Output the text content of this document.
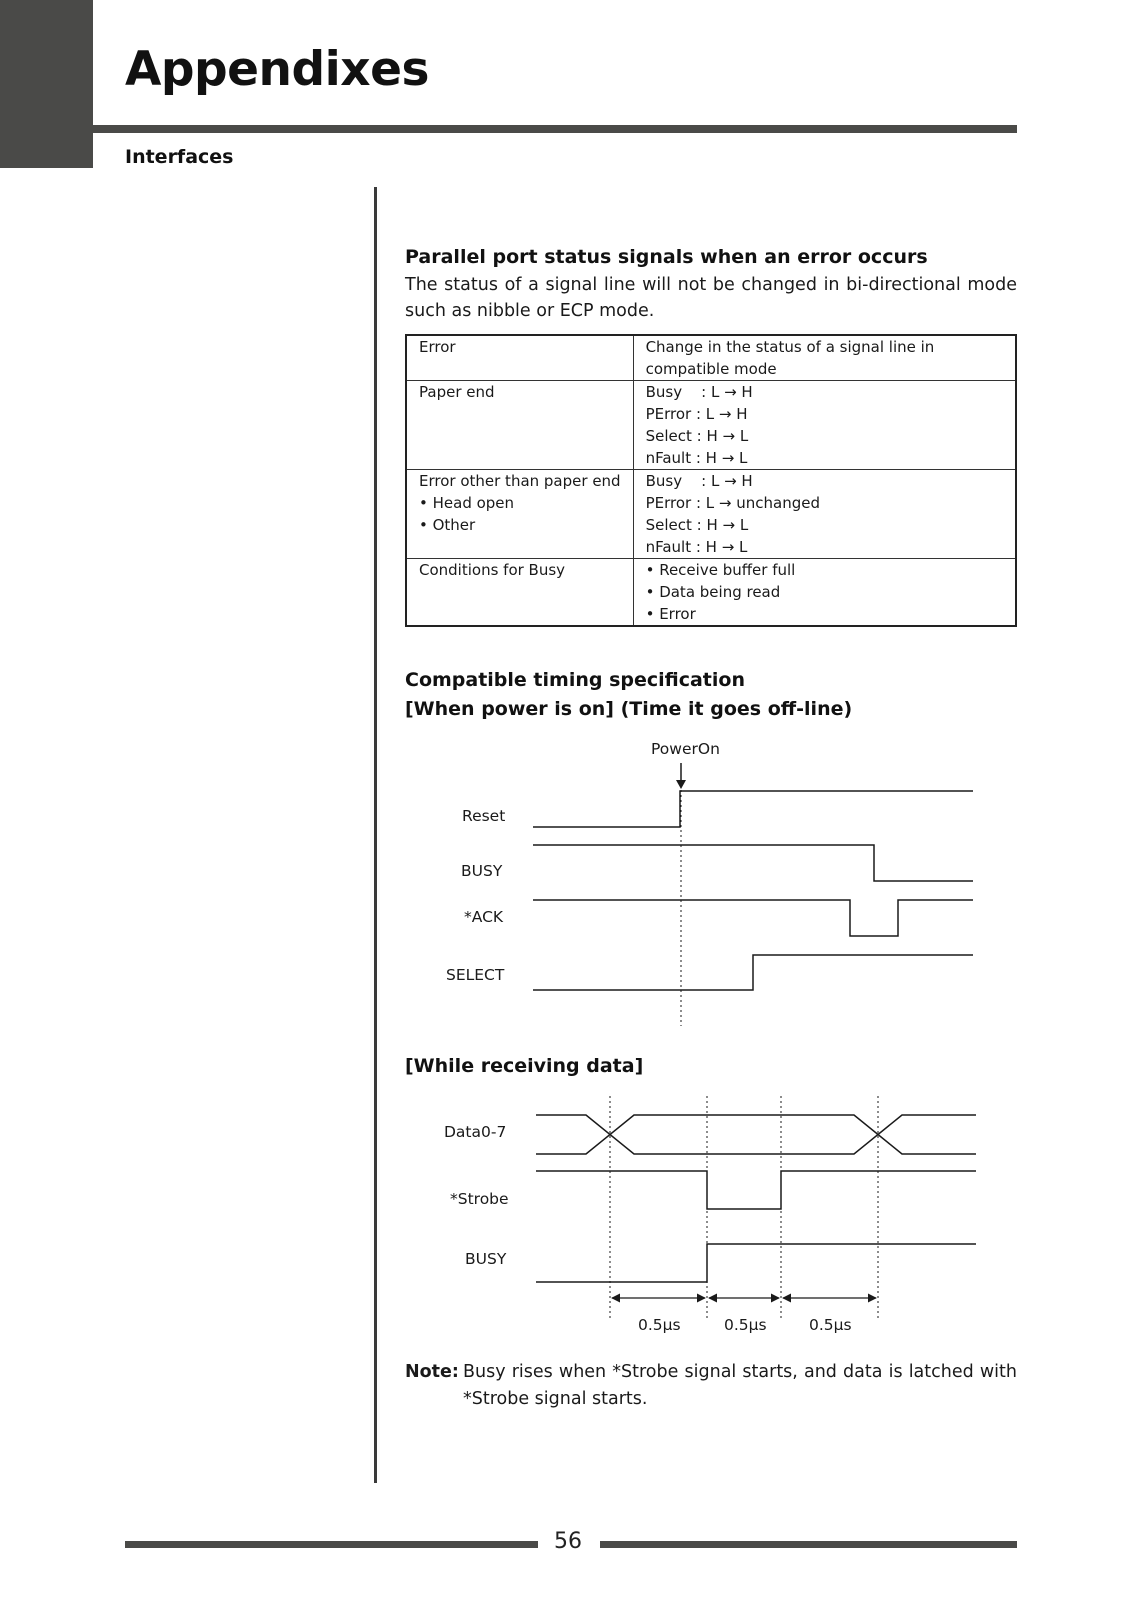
Appendixes
Interfaces
Parallel port status signals when an error occurs

The status of a signal line will not be changed in bi-directional mode such as nibble or ECP mode.

Error	Change in the status of a signal line in compatible mode

Paper end	Busy    : L → H
PError : L → H
Select : H → L
nFault : H → L

Error other than paper end
• Head open
• Other	Busy    : L → H
PError : L → unchanged
Select : H → L
nFault : H → L

Conditions for Busy	• Receive buffer full
• Data being read
• Error
Compatible timing specification
[When power is on] (Time it goes off-line)
[While receiving data]
PowerOn
Reset
BUSY
*ACK
SELECT
Data0-7
*Strobe
BUSY
0.5µs	0.5µs	0.5µs
Note: Busy rises when *Strobe signal starts, and data is latched with *Strobe signal starts.
56
